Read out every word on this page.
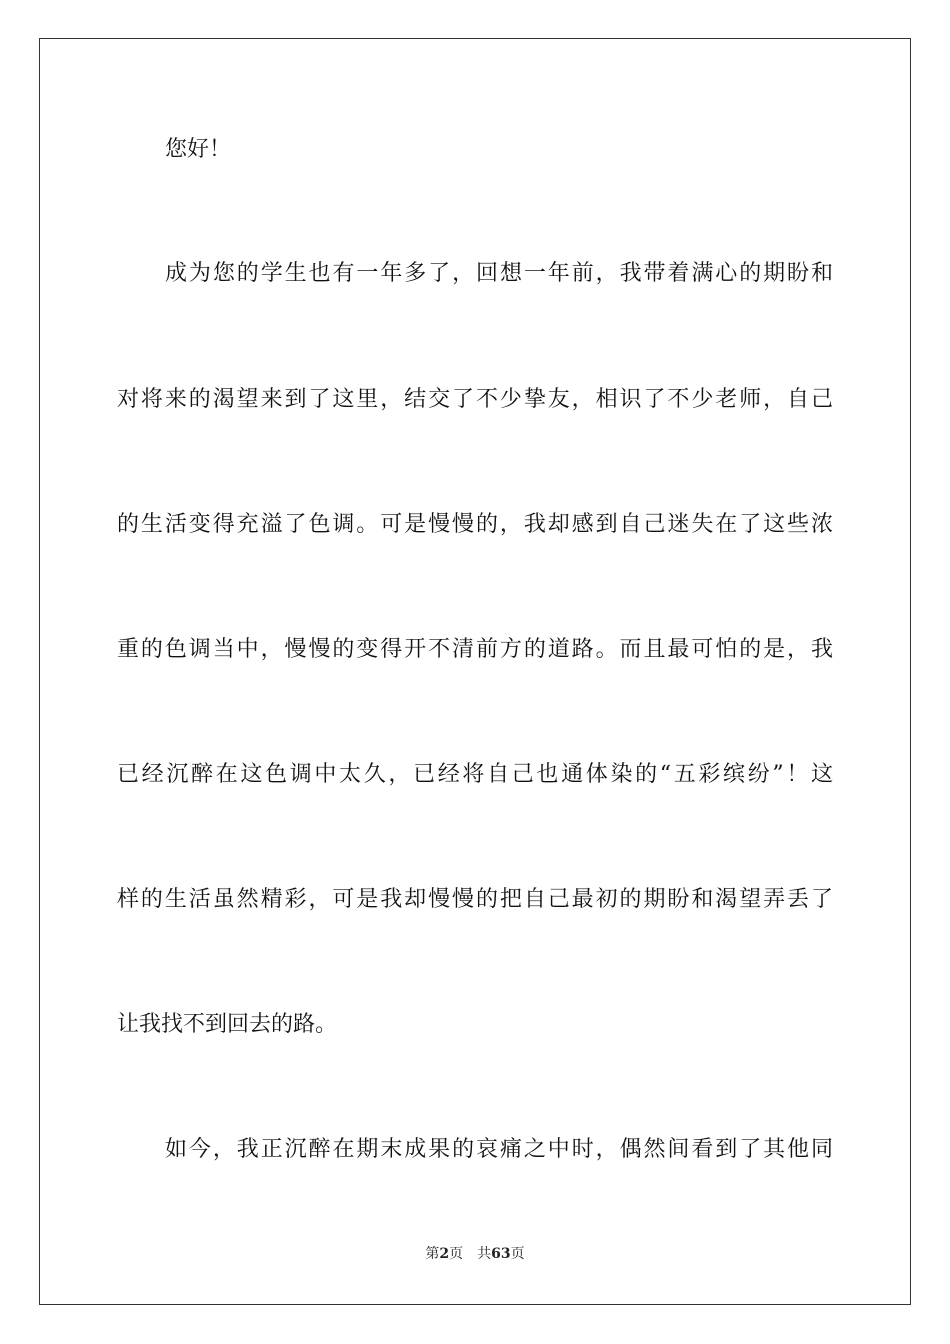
您好！
成为您的学生也有一年多了，回想一年前，我带着满心的期盼和
对将来的渴望来到了这里，结交了不少挚友，相识了不少老师，自己
的生活变得充溢了色调。可是慢慢的，我却感到自己迷失在了这些浓
重的色调当中，慢慢的变得开不清前方的道路。而且最可怕的是，我
已经沉醉在这色调中太久，已经将自己也通体染的“五彩缤纷”！这
样的生活虽然精彩，可是我却慢慢的把自己最初的期盼和渴望弄丢了
让我找不到回去的路。
如今，我正沉醉在期末成果的哀痛之中时，偶然间看到了其他同
第2页 共63页
